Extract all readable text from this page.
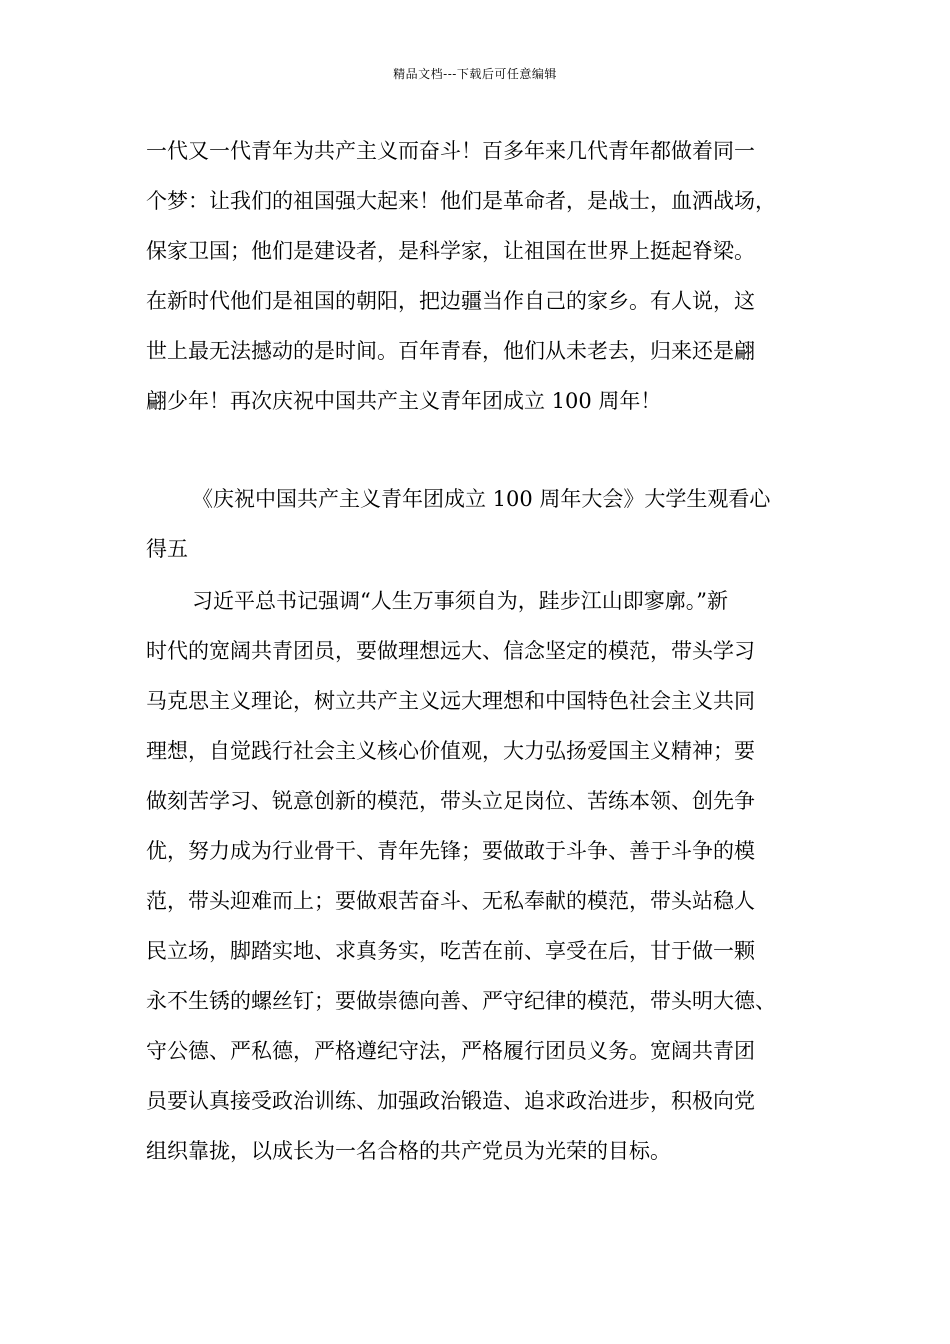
精品文档---下载后可任意编辑
一代又一代青年为共产主义而奋斗！百多年来几代青年都做着同一
个梦：让我们的祖国强大起来！他们是革命者，是战士，血洒战场，
保家卫国；他们是建设者，是科学家，让祖国在世界上挺起脊梁。
在新时代他们是祖国的朝阳，把边疆当作自己的家乡。有人说，这
世上最无法撼动的是时间。百年青春，他们从未老去，归来还是翩
翩少年！再次庆祝中国共产主义青年团成立 100 周年！
《庆祝中国共产主义青年团成立 100 周年大会》大学生观看心
得五
习近平总书记强调“人生万事须自为，跬步江山即寥廓。”新
时代的宽阔共青团员，要做理想远大、信念坚定的模范，带头学习
马克思主义理论，树立共产主义远大理想和中国特色社会主义共同
理想，自觉践行社会主义核心价值观，大力弘扬爱国主义精神；要
做刻苦学习、锐意创新的模范，带头立足岗位、苦练本领、创先争
优，努力成为行业骨干、青年先锋；要做敢于斗争、善于斗争的模
范，带头迎难而上；要做艰苦奋斗、无私奉献的模范，带头站稳人
民立场，脚踏实地、求真务实，吃苦在前、享受在后，甘于做一颗
永不生锈的螺丝钉；要做崇德向善、严守纪律的模范，带头明大德、
守公德、严私德，严格遵纪守法，严格履行团员义务。宽阔共青团
员要认真接受政治训练、加强政治锻造、追求政治进步，积极向党
组织靠拢，以成长为一名合格的共产党员为光荣的目标。
